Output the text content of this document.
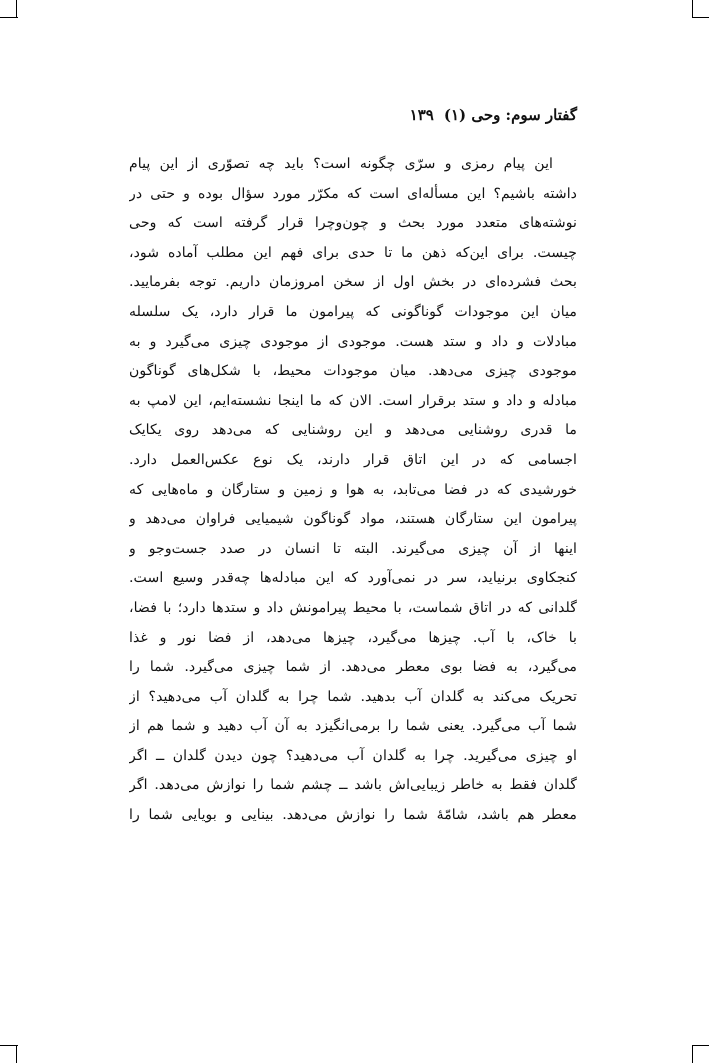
گفتار سوم: وحی (۱)۱۳۹
این پیام رمزی و سرّی چگونه است؟ باید چه تصوّری از این پیام
داشته باشیم؟ این مسأله‌ای است که مکرّر مورد سؤال بوده و حتی در
نوشته‌های متعدد مورد بحث و چون‌وچرا قرار گرفته است که وحی
چیست. برای این‌که ذهن ما تا حدی برای فهم این مطلب آماده شود،
بحث فشرده‌ای در بخش اول از سخن امروزمان داریم. توجه بفرمایید.
میان این موجودات گوناگونی که پیرامون ما قرار دارد، یک سلسله
مبادلات و داد و ستد هست. موجودی از موجودی چیزی می‌گیرد و به
موجودی چیزی می‌دهد. میان موجودات محیط، با شکل‌های گوناگون
مبادله و داد و ستد برقرار است. الان که ما اینجا نشسته‌ایم، این لامپ به
ما قدری روشنایی می‌دهد و این روشنایی که می‌دهد روی یکایک
اجسامی که در این اتاق قرار دارند، یک نوع عکس‌العمل دارد.
خورشیدی که در فضا می‌تابد، به هوا و زمین و ستارگان و ماه‌هایی که
پیرامون این ستارگان هستند، مواد گوناگون شیمیایی فراوان می‌دهد و
اینها از آن چیزی می‌گیرند. البته تا انسان در صدد جست‌وجو و
کنجکاوی برنیاید، سر در نمی‌آورد که این مبادله‌ها چه‌قدر وسیع است.
گلدانی که در اتاق شماست، با محیط پیرامونش داد و ستدها دارد؛ با فضا،
با خاک، با آب. چیزها می‌گیرد، چیزها می‌دهد، از فضا نور و غذا
می‌گیرد، به فضا بوی معطر می‌دهد. از شما چیزی می‌گیرد. شما را
تحریک می‌کند به گلدان آب بدهید. شما چرا به گلدان آب می‌دهید؟ از
شما آب می‌گیرد. یعنی شما را برمی‌انگیزد به آن آب دهید و شما هم از
او چیزی می‌گیرید. چرا به گلدان آب می‌دهید؟ چون دیدن گلدان ــ اگر
گلدان فقط به خاطر زیبایی‌اش باشد ــ چشم شما را نوازش می‌دهد. اگر
معطر هم باشد، شامّهٔ شما را نوازش می‌دهد. بینایی و بویایی شما را
